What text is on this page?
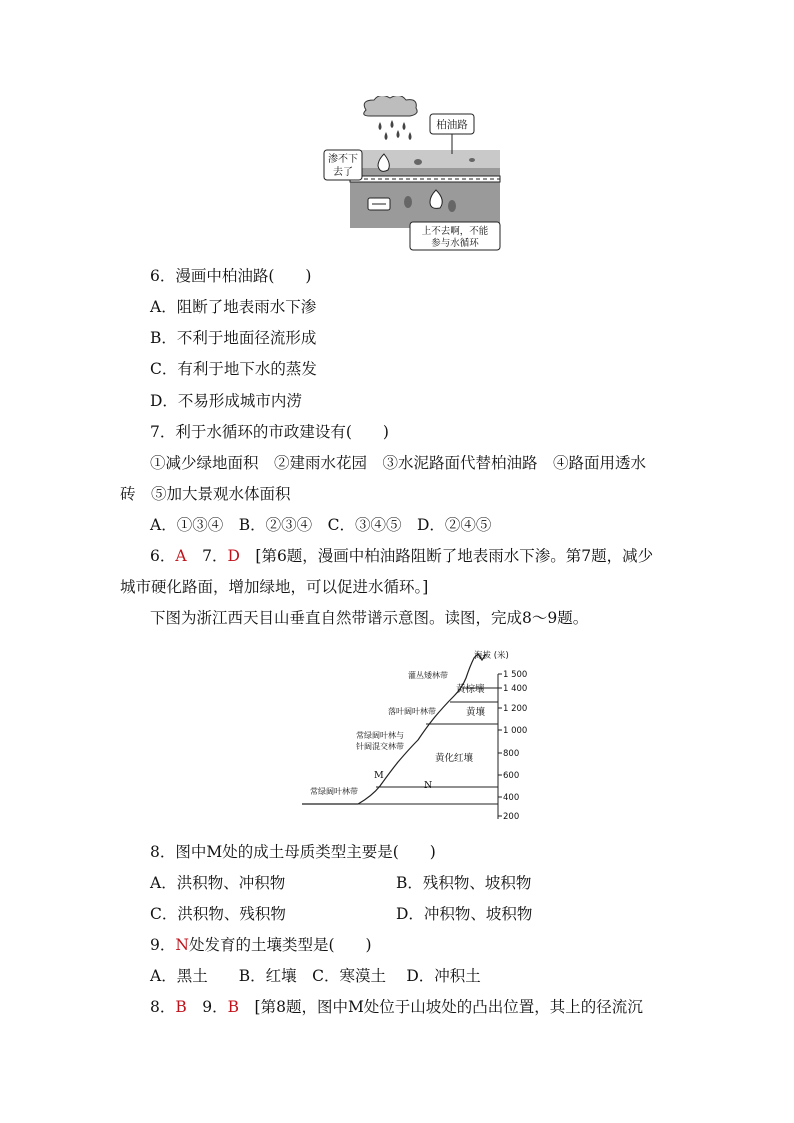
柏油路
渗不下
去了
上不去啊，不能
参与水循环
6．漫画中柏油路(　　)
A．阻断了地表雨水下渗
B．不利于地面径流形成
C．有利于地下水的蒸发
D．不易形成城市内涝
7．利于水循环的市政建设有(　　)
①减少绿地面积　②建雨水花园　③水泥路面代替柏油路　④路面用透水
砖　⑤加大景观水体面积
A．①③④　B．②③④　C．③④⑤　D．②④⑤
6．A　7．D　[第6题，漫画中柏油路阻断了地表雨水下渗。第7题，减少
城市硬化路面，增加绿地，可以促进水循环。]
下图为浙江西天目山垂直自然带谱示意图。读图，完成8～9题。
海拔 (米)
1 500
1 400
1 200
1 000
800
600
400
200
灌丛矮林带
落叶阔叶林带
常绿阔叶林与
针阔混交林带
常绿阔叶林带
黄棕壤
黄壤
黄化红壤
M
N
8．图中M处的成土母质类型主要是(　　)
A．洪积物、冲积物	B．残积物、坡积物
C．洪积物、残积物	D．冲积物、坡积物
9．N处发育的土壤类型是(　　)
A．黑土　　B．红壤　C．寒漠土　 D．冲积土
8．B　9．B　[第8题，图中M处位于山坡处的凸出位置，其上的径流沉
